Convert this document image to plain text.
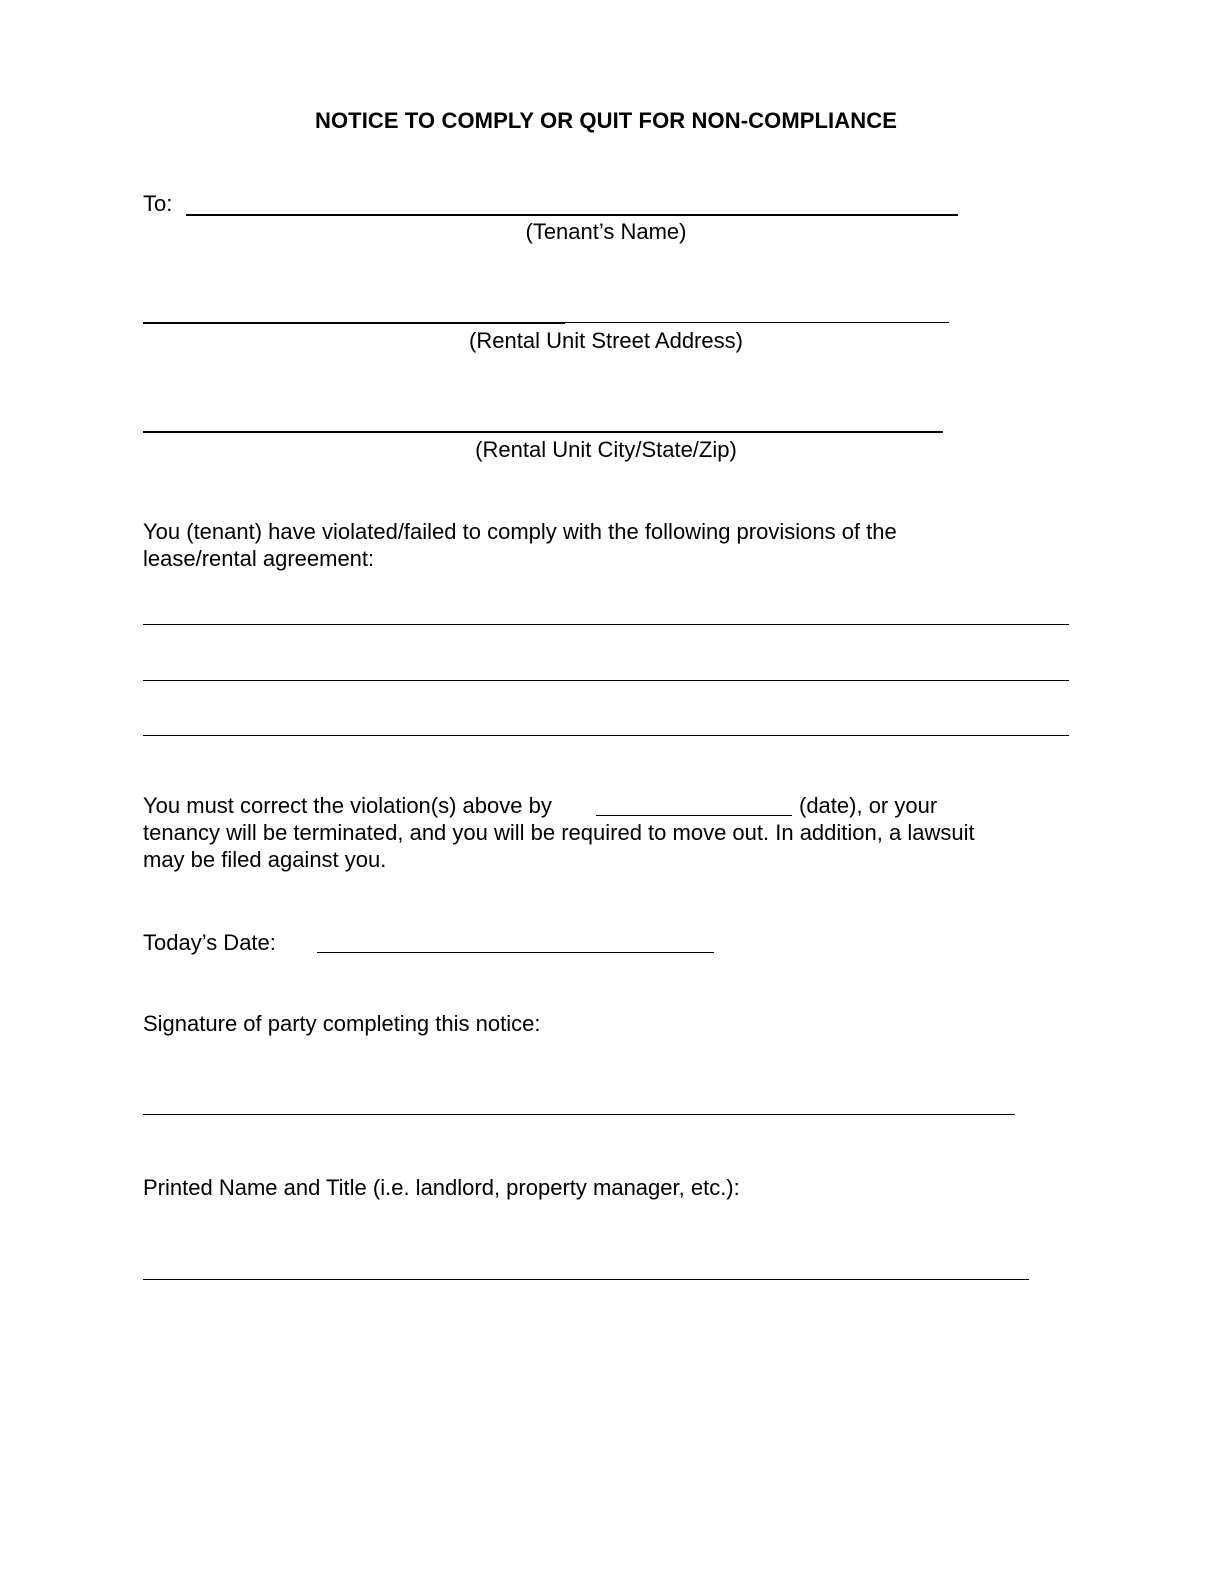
NOTICE TO COMPLY OR QUIT FOR NON-COMPLIANCE
To:
(Tenant’s Name)
(Rental Unit Street Address)
(Rental Unit City/State/Zip)
You (tenant) have violated/failed to comply with the following provisions of the
lease/rental agreement:
You must correct the violation(s) above by	(date), or your
tenancy will be terminated, and you will be required to move out. In addition, a lawsuit
may be filed against you.
Today’s Date:
Signature of party completing this notice:
Printed Name and Title (i.e. landlord, property manager, etc.):
